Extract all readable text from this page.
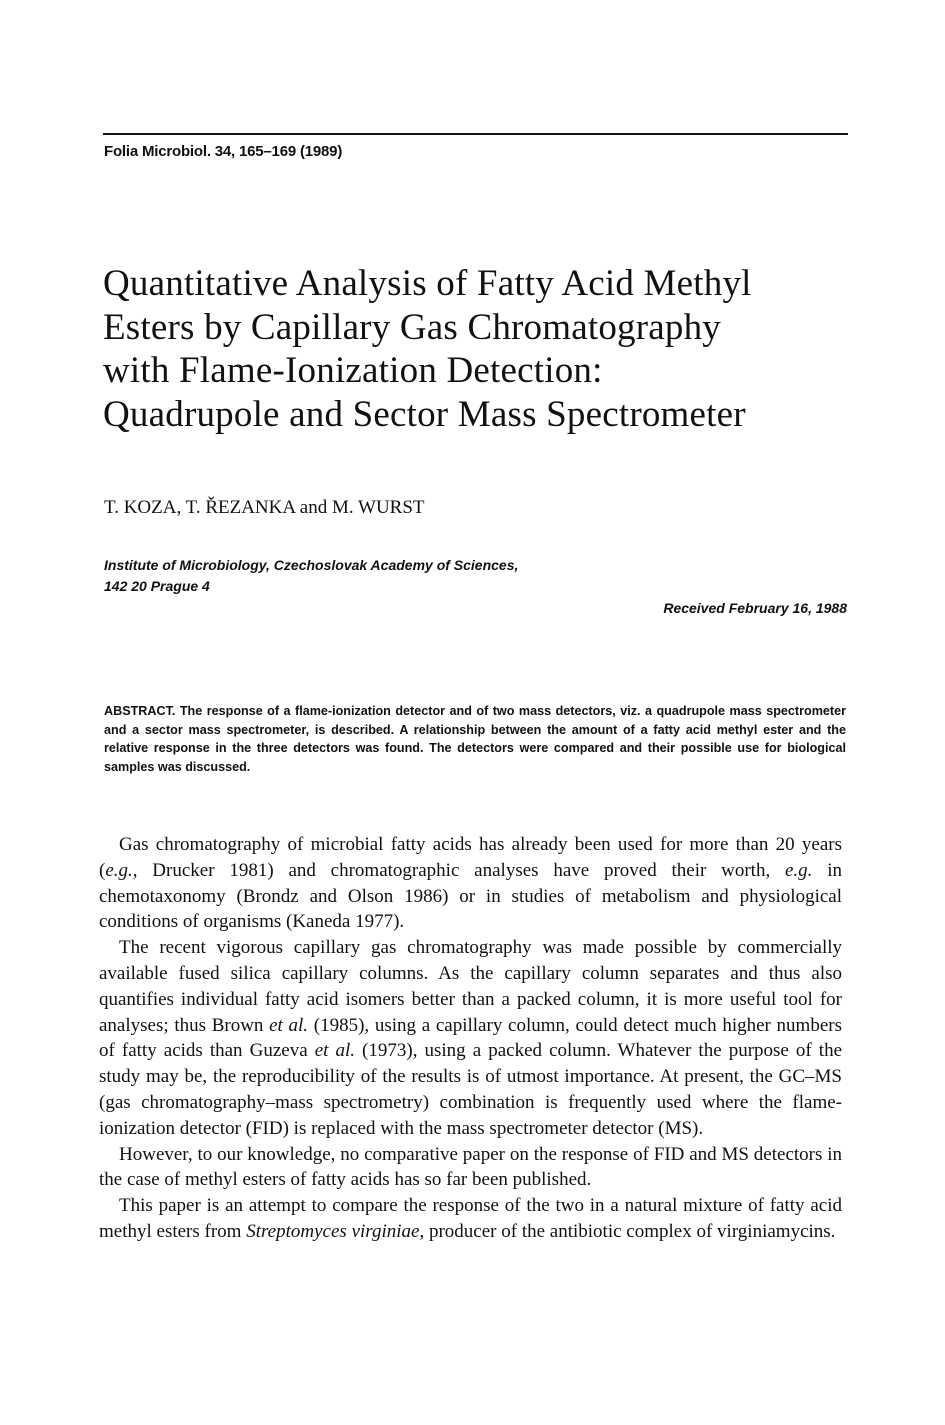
Folia Microbiol. 34, 165–169 (1989)
Quantitative Analysis of Fatty Acid Methyl
Esters by Capillary Gas Chromatography
with Flame-Ionization Detection:
Quadrupole and Sector Mass Spectrometer
T. KOZA, T. ŘEZANKA and M. WURST
Institute of Microbiology, Czechoslovak Academy of Sciences,
142 20 Prague 4
Received February 16, 1988

ABSTRACT. The response of a flame-ionization detector and of two mass detectors, viz. a quadrupole mass spectrometer and a sector mass spectrometer, is described. A relationship between the amount of a fatty acid methyl ester and the relative response in the three detectors was found. The detectors were compared and their possible use for biological samples was discussed.

Gas chromatography of microbial fatty acids has already been used for more than 20 years (e.g., Drucker 1981) and chromatographic analyses have proved their worth, e.g. in chemotaxonomy (Brondz and Olson 1986) or in studies of metabolism and physiological conditions of organisms (Kaneda 1977).

The recent vigorous capillary gas chromatography was made possible by commercially available fused silica capillary columns. As the capillary column separates and thus also quantifies individual fatty acid isomers better than a packed column, it is more useful tool for analyses; thus Brown et al. (1985), using a capillary column, could detect much higher numbers of fatty acids than Guzeva et al. (1973), using a packed column. Whatever the purpose of the study may be, the reproducibility of the results is of utmost importance. At present, the GC–MS (gas chromatography–mass spectrometry) combination is frequently used where the flame-ionization detector (FID) is replaced with the mass spectrometer detector (MS).

However, to our knowledge, no comparative paper on the response of FID and MS detectors in the case of methyl esters of fatty acids has so far been published.

This paper is an attempt to compare the response of the two in a natural mixture of fatty acid methyl esters from Streptomyces virginiae, producer of the antibiotic complex of virginiamycins.
